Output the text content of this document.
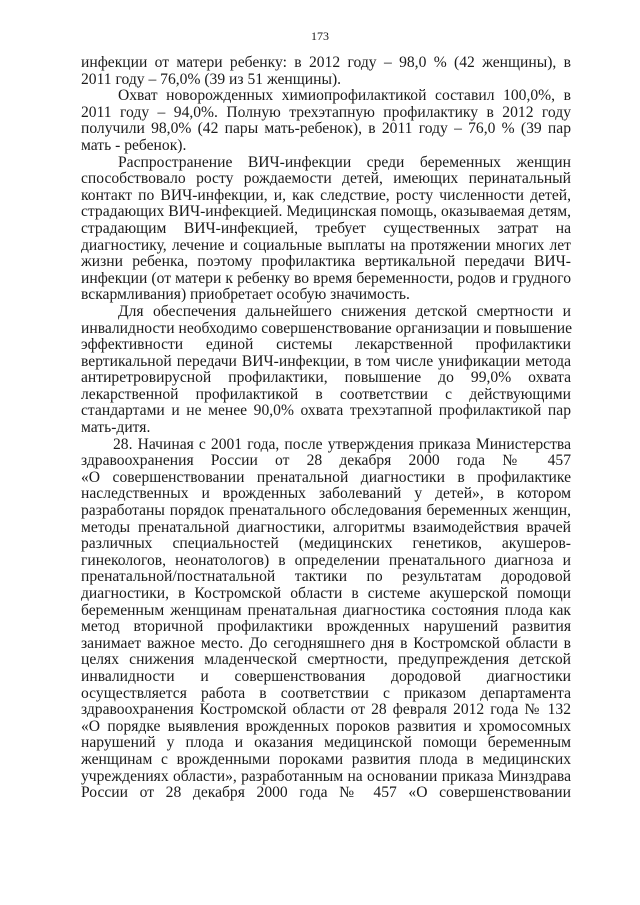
173
инфекции от матери ребенку: в 2012 году – 98,0 % (42 женщины), в
2011 году – 76,0% (39 из 51 женщины).
Охват новорожденных химиопрофилактикой составил 100,0%, в
2011 году – 94,0%. Полную трехэтапную профилактику в 2012 году
получили 98,0% (42 пары мать-ребенок), в 2011 году – 76,0 % (39 пар
мать - ребенок).
Распространение ВИЧ-инфекции среди беременных женщин
способствовало росту рождаемости детей, имеющих перинатальный
контакт по ВИЧ-инфекции, и, как следствие, росту численности детей,
страдающих ВИЧ-инфекцией. Медицинская помощь, оказываемая детям,
страдающим ВИЧ-инфекцией, требует существенных затрат на
диагностику, лечение и социальные выплаты на протяжении многих лет
жизни ребенка, поэтому профилактика вертикальной передачи ВИЧ-
инфекции (от матери к ребенку во время беременности, родов и грудного
вскармливания) приобретает особую значимость.
Для обеспечения дальнейшего снижения детской смертности и
инвалидности необходимо совершенствование организации и повышение
эффективности единой системы лекарственной профилактики
вертикальной передачи ВИЧ-инфекции, в том числе унификации метода
антиретровирусной профилактики, повышение до 99,0% охвата
лекарственной профилактикой в соответствии с действующими
стандартами и не менее 90,0% охвата трехэтапной профилактикой пар
мать-дитя.
28. Начиная с 2001 года, после утверждения приказа Министерства
здравоохранения России от 28 декабря 2000 года № 457
«О совершенствовании пренатальной диагностики в профилактике
наследственных и врожденных заболеваний у детей», в котором
разработаны порядок пренатального обследования беременных женщин,
методы пренатальной диагностики, алгоритмы взаимодействия врачей
различных специальностей (медицинских генетиков, акушеров-
гинекологов, неонатологов) в определении пренатального диагноза и
пренатальной/постнатальной тактики по результатам дородовой
диагностики, в Костромской области в системе акушерской помощи
беременным женщинам пренатальная диагностика состояния плода как
метод вторичной профилактики врожденных нарушений развития
занимает важное место. До сегодняшнего дня в Костромской области в
целях снижения младенческой смертности, предупреждения детской
инвалидности и совершенствования дородовой диагностики
осуществляется работа в соответствии с приказом департамента
здравоохранения Костромской области от 28 февраля 2012 года № 132
«О порядке выявления врожденных пороков развития и хромосомных
нарушений у плода и оказания медицинской помощи беременным
женщинам с врожденными пороками развития плода в медицинских
учреждениях области», разработанным на основании приказа Минздрава
России от 28 декабря 2000 года № 457 «О совершенствовании
